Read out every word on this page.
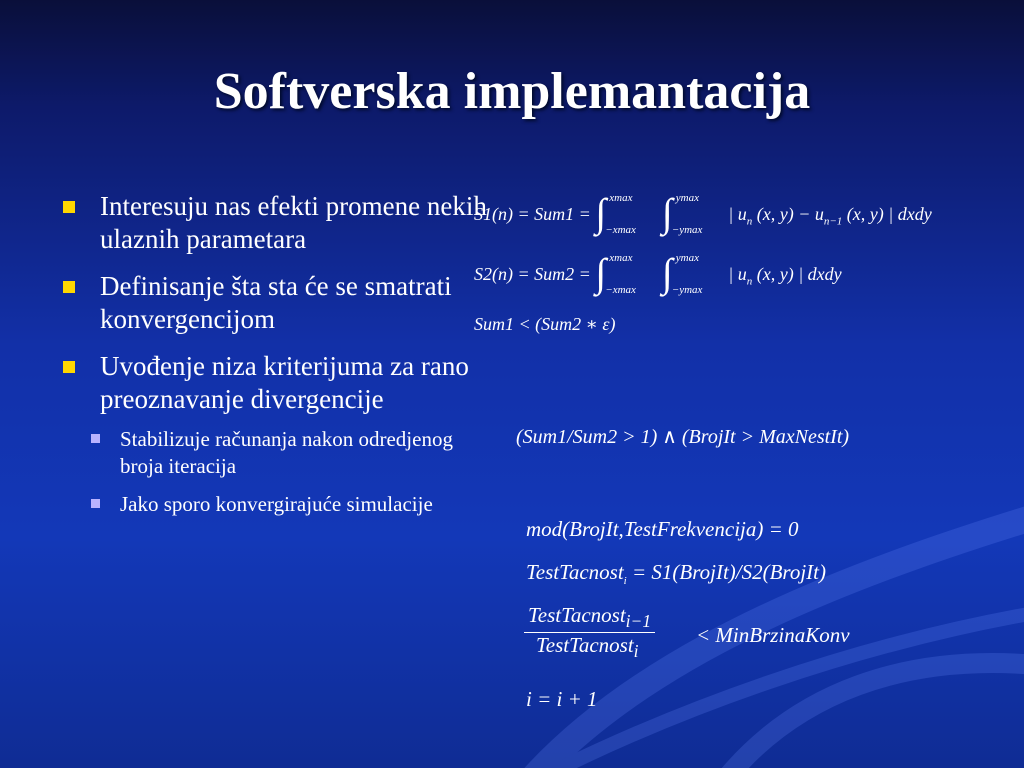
Softverska implemantacija
Interesuju nas efekti promene nekih ulaznih parametara
Definisanje šta sta će se smatrati konvergencijom
Uvođenje niza kriterijuma za rano preoznavanje divergencije
Stabilizuje računanja nakon odredjenog broja iteracija
Jako sporo konvergirajuće simulacije
S1(n) = Sum1 = ∫ xmax
−xmax
∫ ymax
−ymax
| $u_n$ (x, $y) - u_{n-1}$ (x, y) | dxdy
S2(n) = Sum2 = ∫ xmax
−xmax
∫ ymax
−ymax
| $u_n$ (x, y) | dxdy
Sum1 < (Sum2 ∗ ε)
(Sum1/Sum2 > 1) ∧ (BrojIt > MaxNestIt)
mod(BrojIt,TestFrekvencija) = 0
TestTacnost$_i$ = S1(BrojIt)/S2(BrojIt)
TestTacnost$_{i-1}$
TestTacnost$_i$
< MinBrzinaKonv
i = i + 1
